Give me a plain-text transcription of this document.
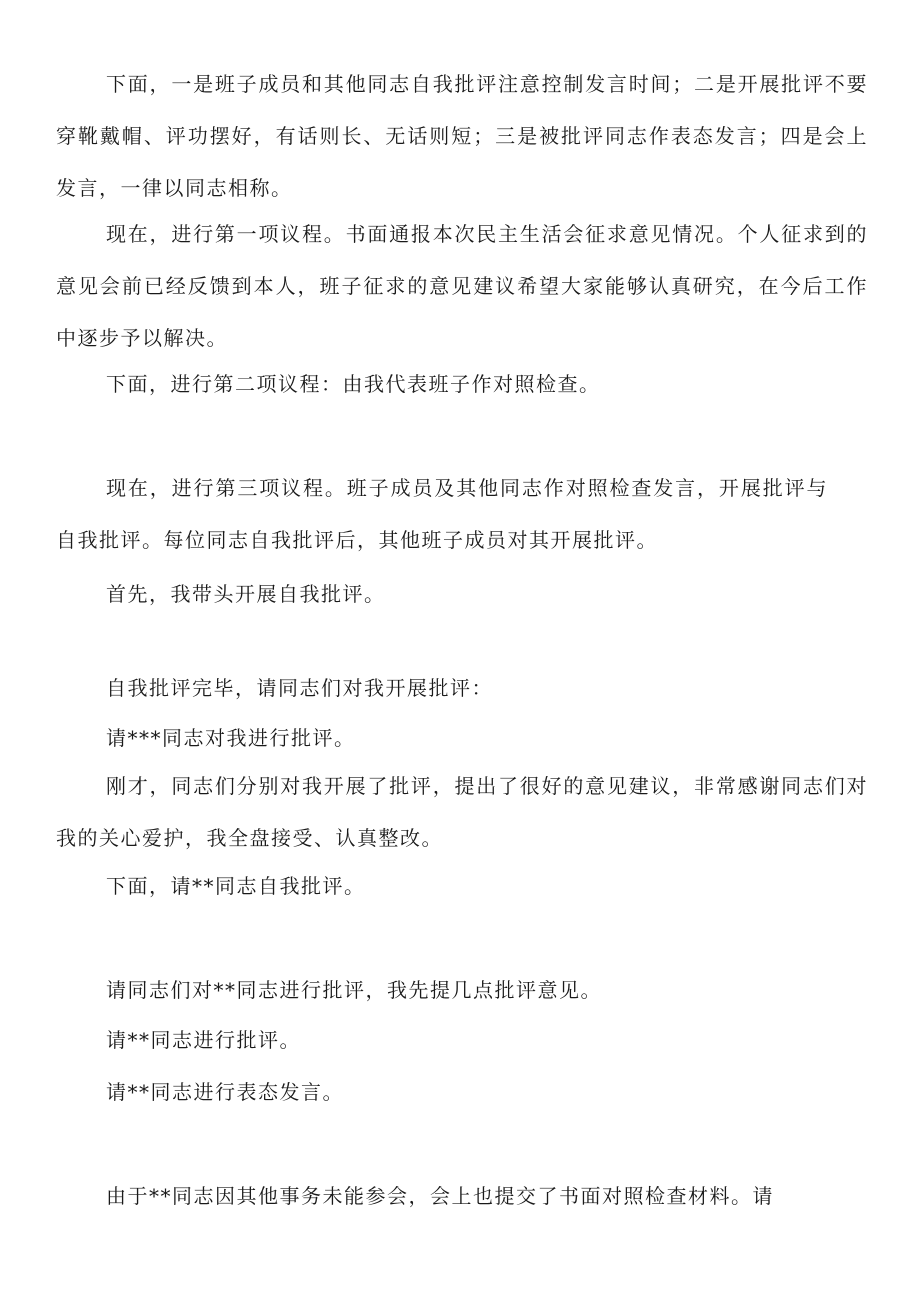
下面，一是班子成员和其他同志自我批评注意控制发言时间；二是开展批评不要穿靴戴帽、评功摆好，有话则长、无话则短；三是被批评同志作表态发言；四是会上发言，一律以同志相称。

现在，进行第一项议程。书面通报本次民主生活会征求意见情况。个人征求到的意见会前已经反馈到本人，班子征求的意见建议希望大家能够认真研究，在今后工作中逐步予以解决。

下面，进行第二项议程：由我代表班子作对照检查。

现在，进行第三项议程。班子成员及其他同志作对照检查发言，开展批评与自我批评。每位同志自我批评后，其他班子成员对其开展批评。

首先，我带头开展自我批评。

自我批评完毕，请同志们对我开展批评：

请***同志对我进行批评。

刚才，同志们分别对我开展了批评，提出了很好的意见建议，非常感谢同志们对我的关心爱护，我全盘接受、认真整改。

下面，请**同志自我批评。

请同志们对**同志进行批评，我先提几点批评意见。

请**同志进行批评。

请**同志进行表态发言。

由于**同志因其他事务未能参会，会上也提交了书面对照检查材料。请
